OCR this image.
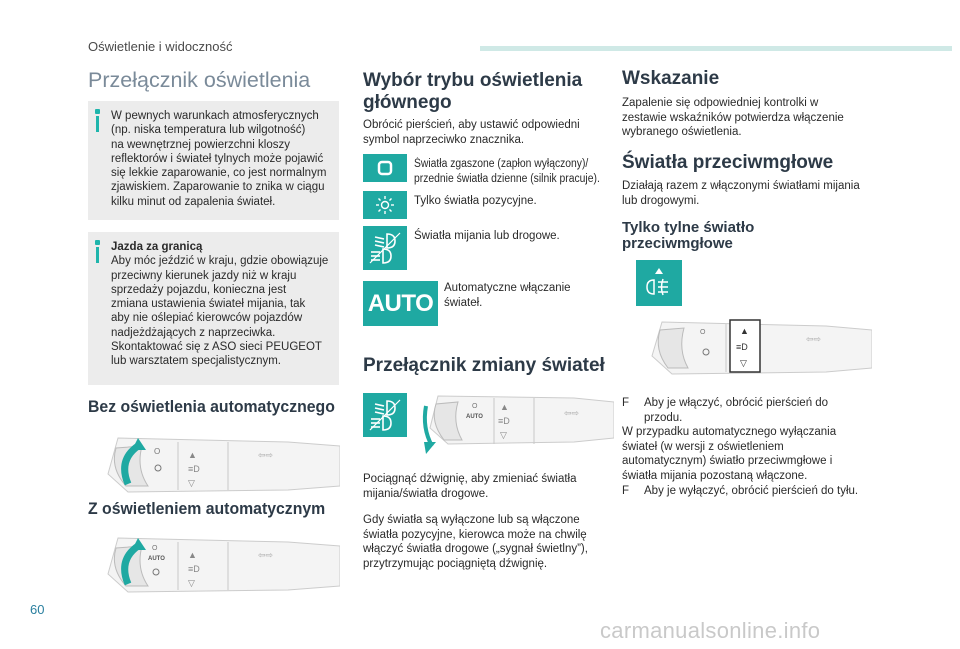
Oświetlenie i widoczność
Przełącznik oświetlenia
W pewnych warunkach atmosferycznych
(np. niska temperatura lub wilgotność)
na wewnętrznej powierzchni kloszy
reflektorów i świateł tylnych może pojawić
się lekkie zaparowanie, co jest normalnym
zjawiskiem. Zaparowanie to znika w ciągu
kilku minut od zapalenia świateł.
Jazda za granicą
Aby móc jeździć w kraju, gdzie obowiązuje
przeciwny kierunek jazdy niż w kraju
sprzedaży pojazdu, konieczna jest
zmiana ustawienia świateł mijania, tak
aby nie oślepiać kierowców pojazdów
nadjeżdżających z naprzeciwka.
Skontaktować się z ASO sieci PEUGEOT
lub warsztatem specjalistycznym.
Bez oświetlenia automatycznego
O	▲
≡D
▽
⇦⇨
Z oświetleniem automatycznym
O
AUTO	▲
≡D
▽
⇦⇨
Wybór trybu oświetlenia
głównego
Obrócić pierścień, aby ustawić odpowiedni
symbol naprzeciwko znacznika.
Światła zgaszone (zapłon wyłączony)/
przednie światła dzienne (silnik pracuje).
Tylko światła pozycyjne.
Światła mijania lub drogowe.
AUTO
Automatyczne włączanie
świateł.
Przełącznik zmiany świateł
O
AUTO
▲
≡D
▽
⇦⇨
Pociągnąć dźwignię, aby zmieniać światła
mijania/światła drogowe.
Gdy światła są wyłączone lub są włączone
światła pozycyjne, kierowca może na chwilę
włączyć światła drogowe („sygnał świetlny”),
przytrzymując pociągniętą dźwignię.
Wskazanie
Zapalenie się odpowiedniej kontrolki w
zestawie wskaźników potwierdza włączenie
wybranego oświetlenia.
Światła przeciwmgłowe
Działają razem z włączonymi światłami mijania
lub drogowymi.
Tylko tylne światło
przeciwmgłowe
▲
≡D
▽
O
⇦⇨
F Aby je włączyć, obrócić pierścień do
przodu.
W przypadku automatycznego wyłączania
świateł (w wersji z oświetleniem
automatycznym) światło przeciwmgłowe i
światła mijania pozostaną włączone.
F Aby je wyłączyć, obrócić pierścień do tyłu.
60
carmanualsonline.info
